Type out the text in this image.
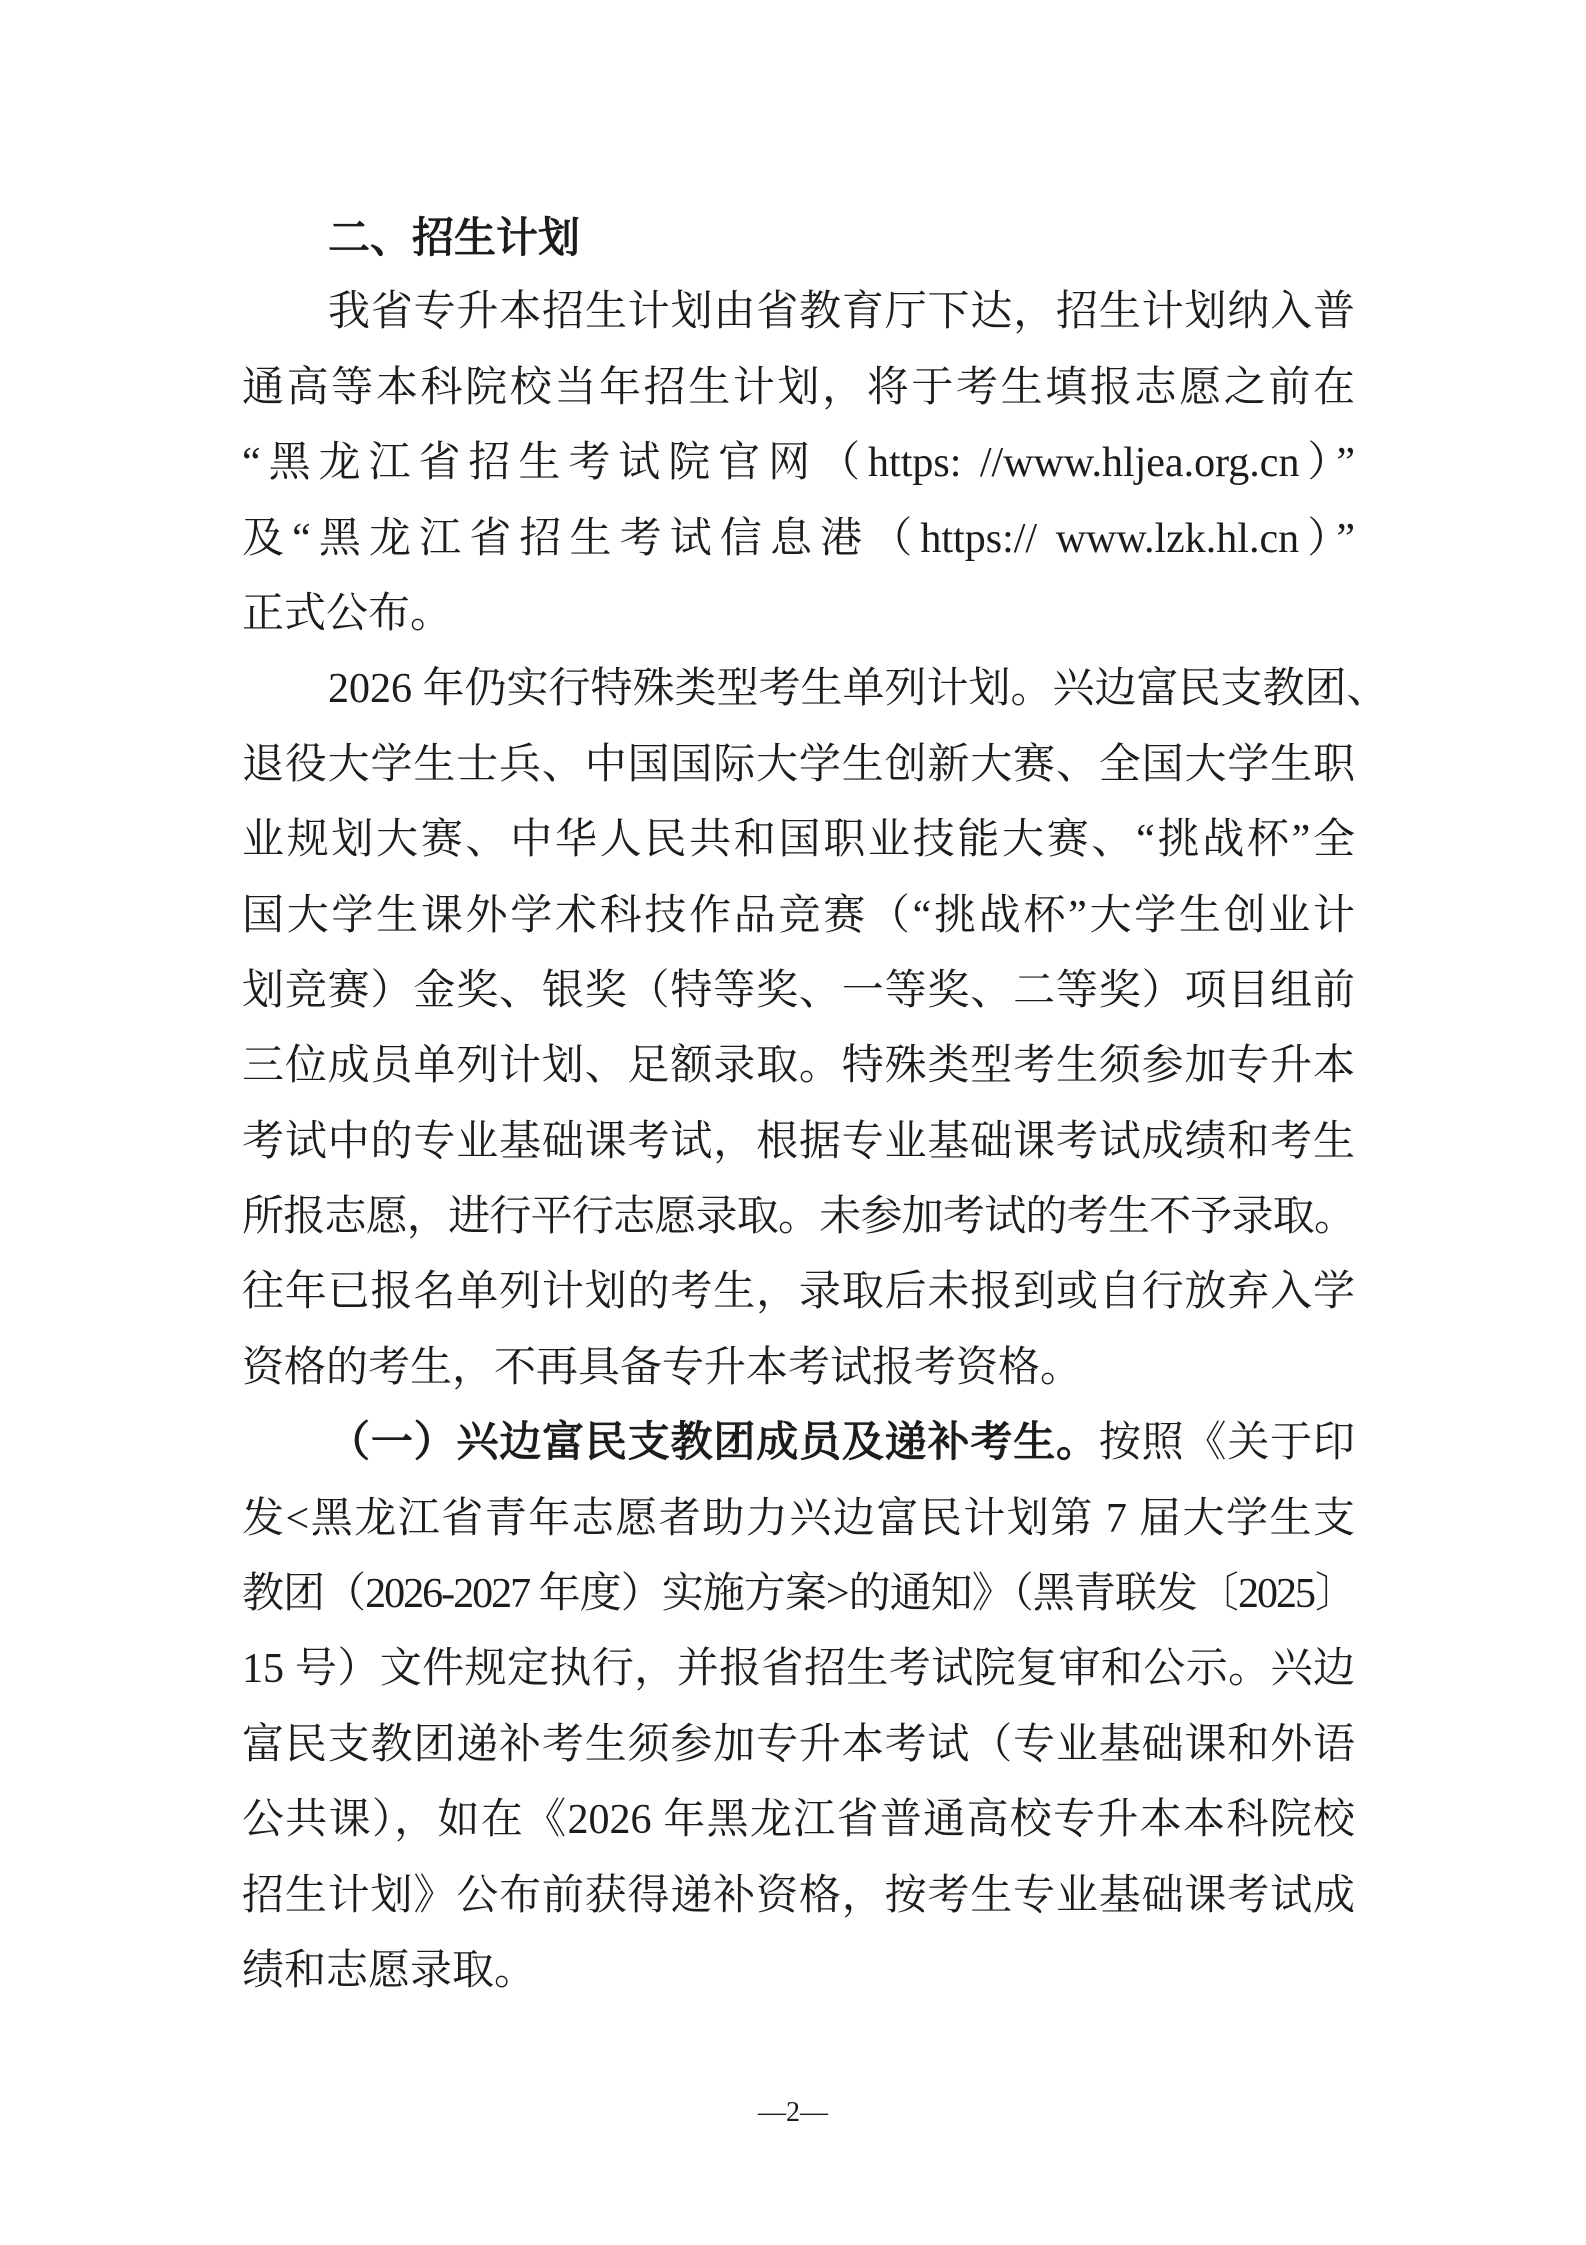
二、招生计划
我省专升本招生计划由省教育厅下达，招生计划纳入普
通高等本科院校当年招生计划，将于考生填报志愿之前在
“黑龙江省招生考试院官网（https: //www.hljea.org.cn）”
及“黑龙江省招生考试信息港（https:// www.lzk.hl.cn）”
正式公布。
2026 年仍实行特殊类型考生单列计划。兴边富民支教团、
退役大学生士兵、中国国际大学生创新大赛、全国大学生职
业规划大赛、中华人民共和国职业技能大赛、“挑战杯”全
国大学生课外学术科技作品竞赛（“挑战杯”大学生创业计
划竞赛）金奖、银奖（特等奖、一等奖、二等奖）项目组前
三位成员单列计划、足额录取。特殊类型考生须参加专升本
考试中的专业基础课考试，根据专业基础课考试成绩和考生
所报志愿，进行平行志愿录取。未参加考试的考生不予录取。
往年已报名单列计划的考生，录取后未报到或自行放弃入学
资格的考生，不再具备专升本考试报考资格。
（一）兴边富民支教团成员及递补考生。按照《关于印
发<黑龙江省青年志愿者助力兴边富民计划第 7 届大学生支
教团（2026-2027 年度）实施方案>的通知》（黑青联发〔2025〕
15 号）文件规定执行，并报省招生考试院复审和公示。兴边
富民支教团递补考生须参加专升本考试（专业基础课和外语
公共课），如在《2026 年黑龙江省普通高校专升本本科院校
招生计划》公布前获得递补资格，按考生专业基础课考试成
绩和志愿录取。
—2—
